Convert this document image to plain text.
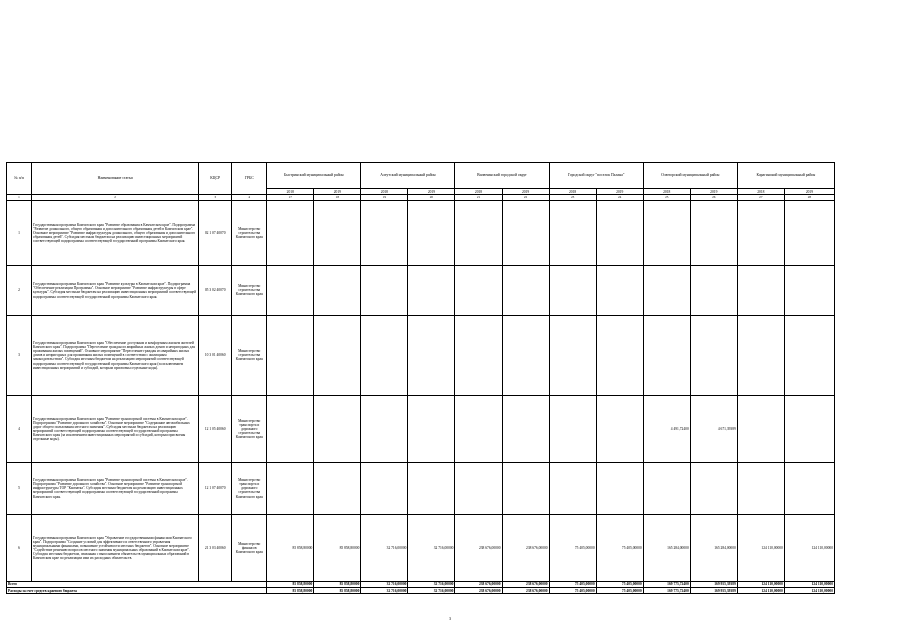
№ п/п	Наименование статьи	КЦСР	ГРБС	Быстринский муниципальный район		Алеутский муниципальный район		Вилючинский городской округ		Городской округ "поселок Палана"		Олюторский муниципальный район		Карагинский муниципальный район	
				2018	2019	2018	2019	2018	2019	2018	2019	2018	2019	2018	2019
1	2	3	4	17	18	19	20	21	22	23	24	25	26	27	28
1	Государственная программа Камчатского края "Развитие образования в Камчатском крае". Подпрограмма "Развитие дошкольного, общего образования и дополнительного образования детей в Камчатском крае". Основное мероприятие "Развитие инфраструктуры дошкольного, общего образования и дополнительного образования детей". Субсидия местным бюджетам на реализацию инвестиционных мероприятий соответствующей подпрограммы соответствующей государственной программы Камчатского края.	02 1 07 40070	Министерство строительства Камчатского края												
2	Государственная программа Камчатского края "Развитие культуры в Камчатском крае". Подпрограмма "Обеспечение реализации Программы". Основное мероприятие "Развитие инфраструктуры в сфере культуры". Субсидия местным бюджетам на реализацию инвестиционных мероприятий соответствующей подпрограммы соответствующей государственной программы Камчатского края.	05 3 02 40070	Министерство строительства Камчатского края												
3	Государственная программа Камчатского края "Обеспечение доступным и комфортным жильем жителей Камчатского края". Подпрограмма "Переселение граждан из аварийных жилых домов и непригодных для проживания жилых помещений". Основное мероприятие "Переселение граждан из аварийных жилых домов и непригодных для проживания жилых помещений в соответствии с жилищным законодательством". Субсидия местным бюджетам на реализацию мероприятий соответствующей подпрограммы соответствующей государственной программы Камчатского края (за исключением инвестиционных мероприятий и субсидий, которым присвоены отдельные коды).	10 3 01 40060	Министерство строительства Камчатского края												
4	Государственная программа Камчатского края "Развитие транспортной системы в Камчатском крае". Подпрограмма "Развитие дорожного хозяйства". Основное мероприятие "Содержание автомобильных дорог общего пользования местного значения". Субсидия местным бюджетам на реализацию мероприятий соответствующей подпрограммы соответствующей государственной программы Камчатского края (за исключением инвестиционных мероприятий и субсидий, которым присвоены отдельные коды).	12 1 05 40060	Министерство транспорта и дорожного строительства Камчатского края									4 491,72400	4 671,39389		
5	Государственная программа Камчатского края "Развитие транспортной системы в Камчатском крае". Подпрограмма "Развитие дорожного хозяйства". Основное мероприятие "Развитие транспортной инфраструктуры ТОР "Камчатка". Субсидия местным бюджетам на реализацию инвестиционных мероприятий соответствующей подпрограммы соответствующей государственной программы Камчатского края.	12 1 07 40070	Министерство транспорта и дорожного строительства Камчатского края												
6	Государственная программа Камчатского края "Управление государственными финансами Камчатского края". Подпрограмма "Создание условий для эффективного и ответственного управления муниципальными финансами, повышение устойчивости местных бюджетов". Основное мероприятие "Содействие решению вопросов местного значения муниципальных образований в Камчатском крае". Субсидия местным бюджетам, связанная с выполнением обязательств муниципальных образований в Камчатском крае по реализации ими их расходных обязательств.	21 3 03 40060	Министерство финансов Камчатского края	85 858,80000	85 858,80000	32 716,00000	32 716,00000	238 676,00000	238 676,00000	75 405,00000	75 405,00000	165 284,00000	165 284,00000	124 110,00000	124 110,00000
Всего				85 858,80000	85 858,80000	32 716,00000	32 716,00000	238 676,00000	238 676,00000	75 405,00000	75 405,00000	169 775,72400	169 955,39389	124 110,00000	124 110,00000
Расходы за счет средств краевого бюджета				85 858,80000	85 858,80000	32 716,00000	32 716,00000	238 676,00000	238 676,00000	75 405,00000	75 405,00000	169 775,72400	169 955,39389	124 110,00000	124 110,00000
3
